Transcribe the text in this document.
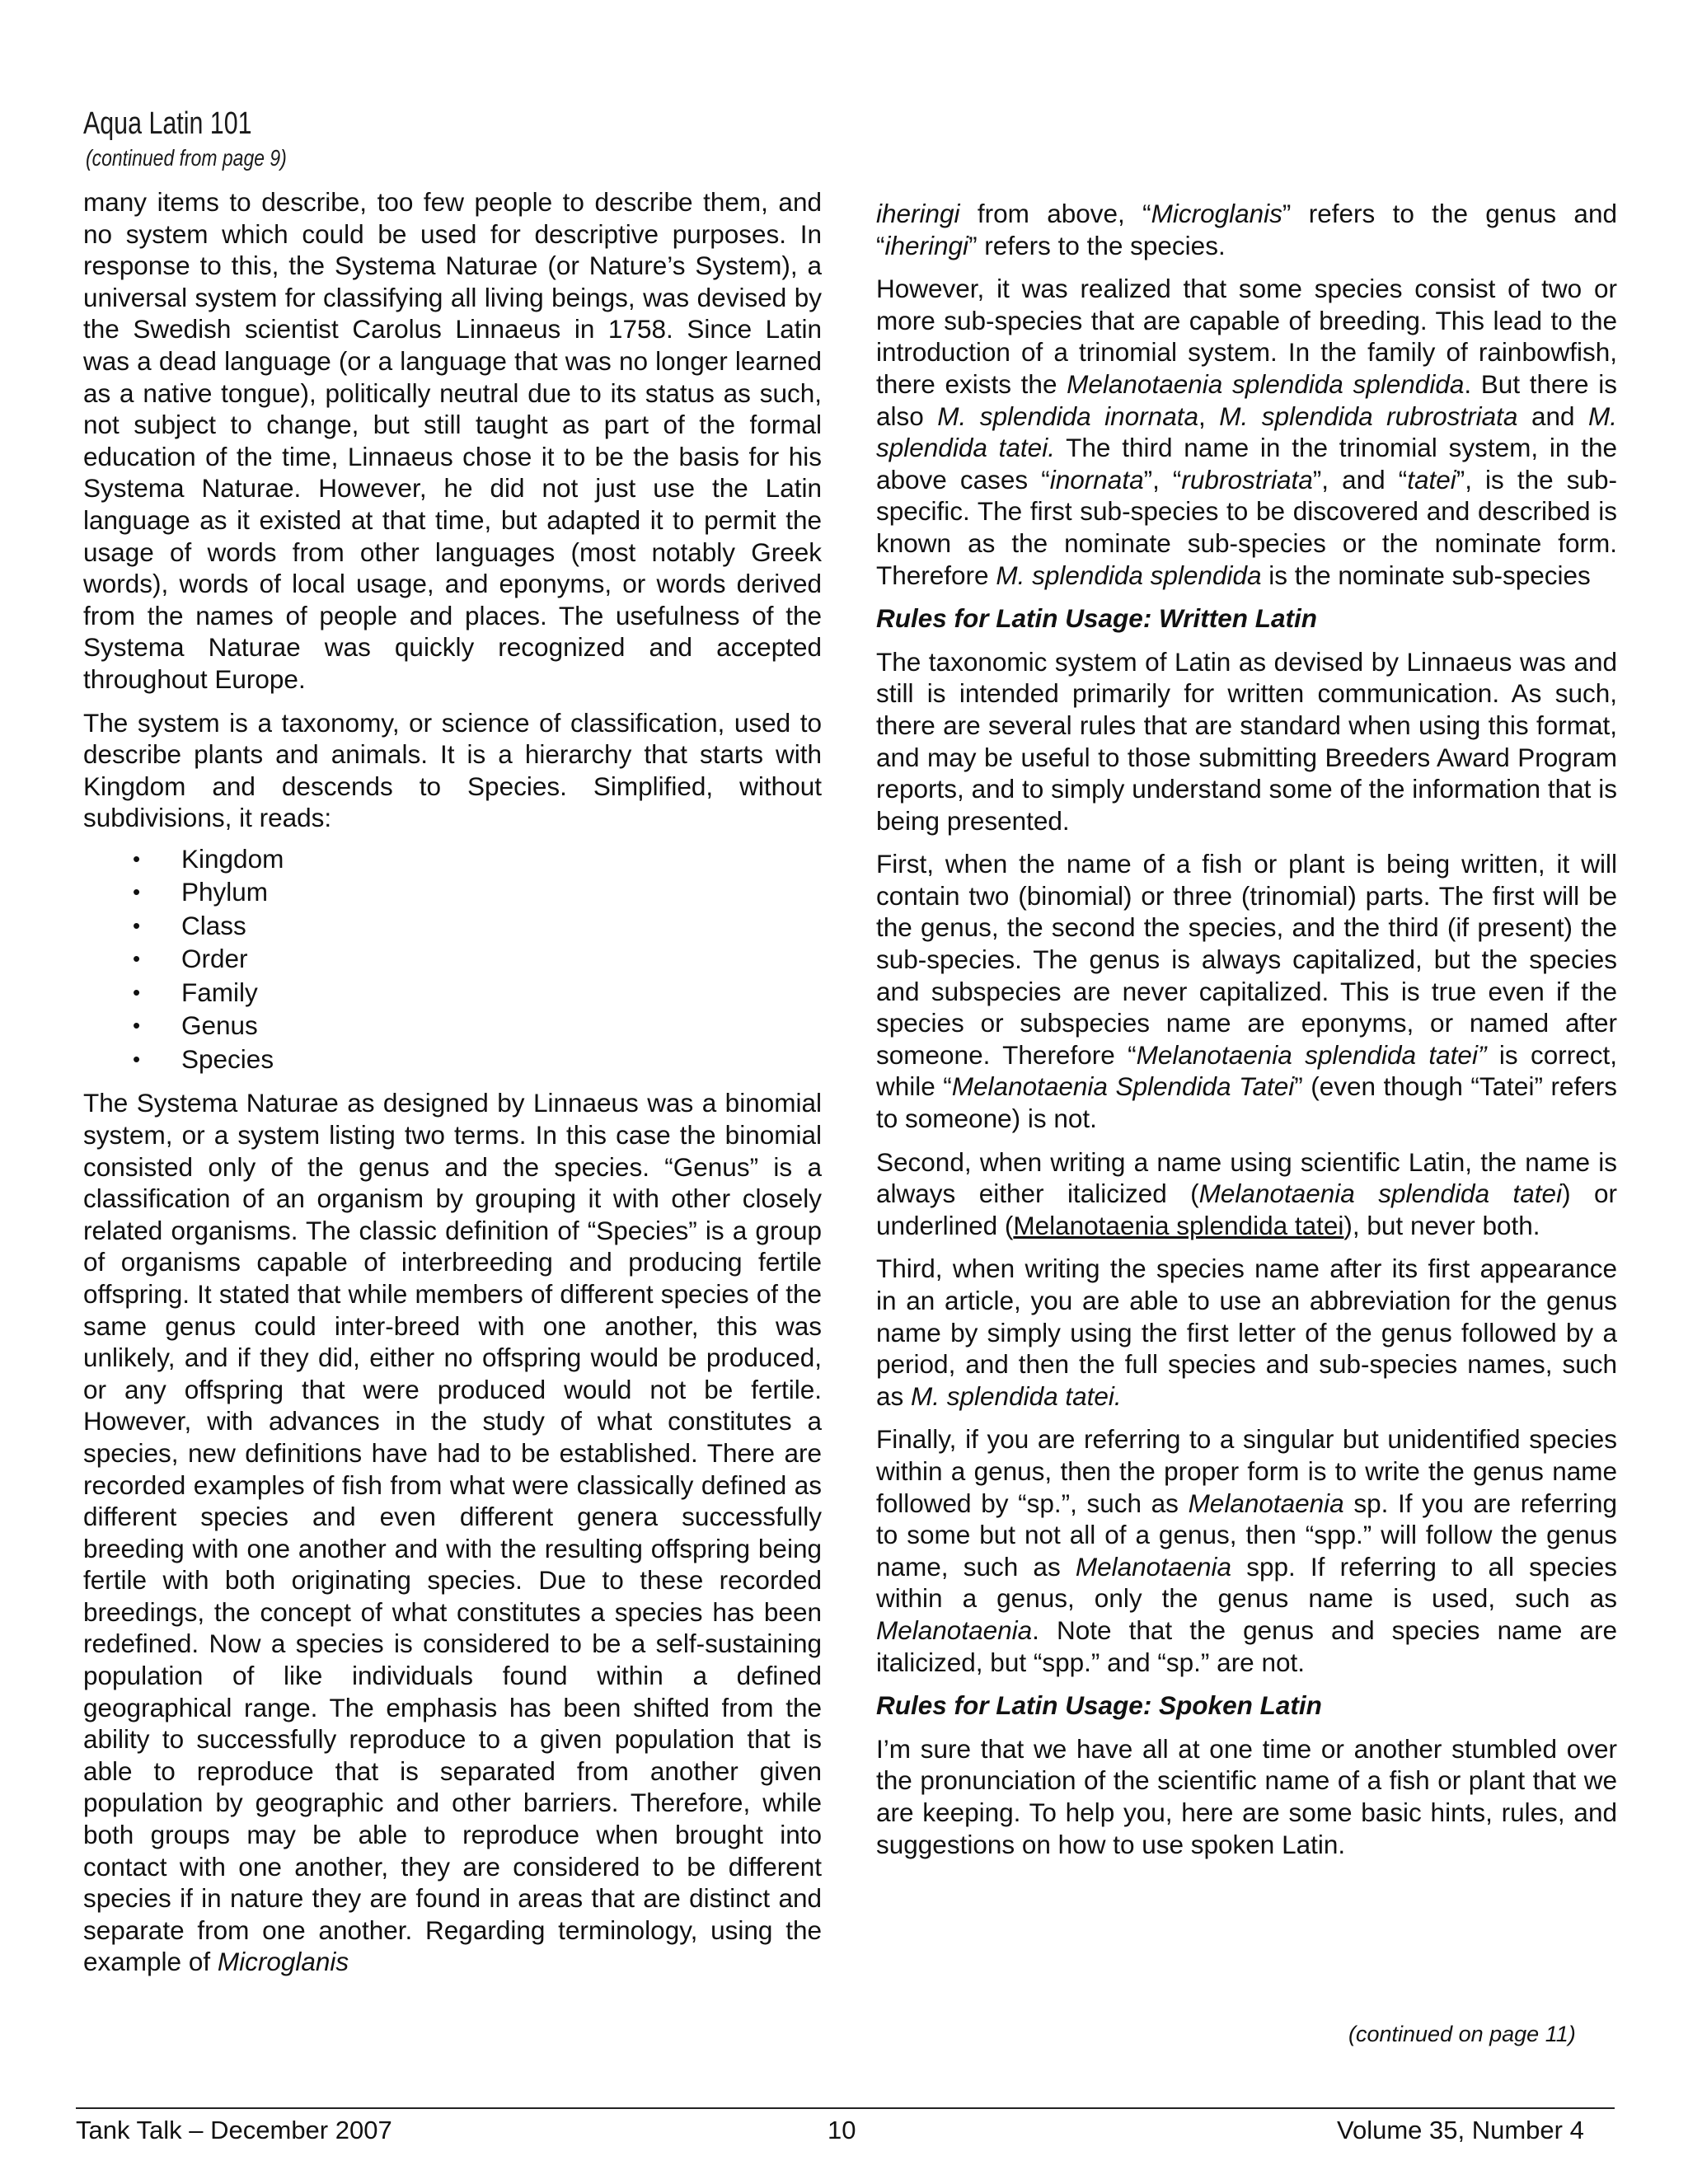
Aqua Latin 101
(continued from page 9)

many items to describe, too few people to describe them, and no system which could be used for descriptive purposes. In response to this, the Systema Naturae (or Nature’s System), a universal system for classifying all living beings, was devised by the Swedish scientist Carolus Linnaeus in 1758. Since Latin was a dead language (or a language that was no longer learned as a native tongue), politically neutral due to its status as such, not subject to change, but still taught as part of the formal education of the time, Linnaeus chose it to be the basis for his Systema Naturae. However, he did not just use the Latin language as it existed at that time, but adapted it to permit the usage of words from other languages (most notably Greek words), words of local usage, and eponyms, or words derived from the names of people and places. The usefulness of the Systema Naturae was quickly recognized and accepted throughout Europe.

The system is a taxonomy, or science of classification, used to describe plants and animals. It is a hierarchy that starts with Kingdom and descends to Species. Simplified, without subdivisions, it reads:

• Kingdom
• Phylum
• Class
• Order
• Family
• Genus
• Species

The Systema Naturae as designed by Linnaeus was a binomial system, or a system listing two terms. In this case the binomial consisted only of the genus and the species. “Genus” is a classification of an organism by grouping it with other closely related organisms. The classic definition of “Species” is a group of organisms capable of interbreeding and producing fertile offspring. It stated that while members of different species of the same genus could inter-breed with one another, this was unlikely, and if they did, either no offspring would be produced, or any offspring that were produced would not be fertile. However, with advances in the study of what constitutes a species, new definitions have had to be established. There are recorded examples of fish from what were classically defined as different species and even different genera successfully breeding with one another and with the resulting offspring being fertile with both originating species. Due to these recorded breedings, the concept of what constitutes a species has been redefined. Now a species is considered to be a self-sustaining population of like individuals found within a defined geographical range. The emphasis has been shifted from the ability to successfully reproduce to a given population that is able to reproduce that is separated from another given population by geographic and other barriers. Therefore, while both groups may be able to reproduce when brought into contact with one another, they are considered to be different species if in nature they are found in areas that are distinct and separate from one another. Regarding terminology, using the example of Microglanis

iheringi from above, “Microglanis” refers to the genus and “iheringi” refers to the species.

However, it was realized that some species consist of two or more sub-species that are capable of breeding. This lead to the introduction of a trinomial system. In the family of rainbowfish, there exists the Melanotaenia splendida splendida. But there is also M. splendida inornata, M. splendida rubrostriata and M. splendida tatei. The third name in the trinomial system, in the above cases “inornata”, “rubrostriata”, and “tatei”, is the sub-specific. The first sub-species to be discovered and described is known as the nominate sub-species or the nominate form. Therefore M. splendida splendida is the nominate sub-species

Rules for Latin Usage: Written Latin

The taxonomic system of Latin as devised by Linnaeus was and still is intended primarily for written communication. As such, there are several rules that are standard when using this format, and may be useful to those submitting Breeders Award Program reports, and to simply understand some of the information that is being presented.

First, when the name of a fish or plant is being written, it will contain two (binomial) or three (trinomial) parts. The first will be the genus, the second the species, and the third (if present) the sub-species. The genus is always capitalized, but the species and subspecies are never capitalized. This is true even if the species or subspecies name are eponyms, or named after someone. Therefore “Melanotaenia splendida tatei” is correct, while “Melanotaenia Splendida Tatei” (even though “Tatei” refers to someone) is not.

Second, when writing a name using scientific Latin, the name is always either italicized (Melanotaenia splendida tatei) or underlined (Melanotaenia splendida tatei), but never both.

Third, when writing the species name after its first appearance in an article, you are able to use an abbreviation for the genus name by simply using the first letter of the genus followed by a period, and then the full species and sub-species names, such as M. splendida tatei.

Finally, if you are referring to a singular but unidentified species within a genus, then the proper form is to write the genus name followed by “sp.”, such as Melanotaenia sp. If you are referring to some but not all of a genus, then “spp.” will follow the genus name, such as Melanotaenia spp. If referring to all species within a genus, only the genus name is used, such as Melanotaenia. Note that the genus and species name are italicized, but “spp.” and “sp.” are not.

Rules for Latin Usage: Spoken Latin

I’m sure that we have all at one time or another stumbled over the pronunciation of the scientific name of a fish or plant that we are keeping. To help you, here are some basic hints, rules, and suggestions on how to use spoken Latin.

(continued on page 11)
Tank Talk – December 2007	10	Volume 35, Number 4
